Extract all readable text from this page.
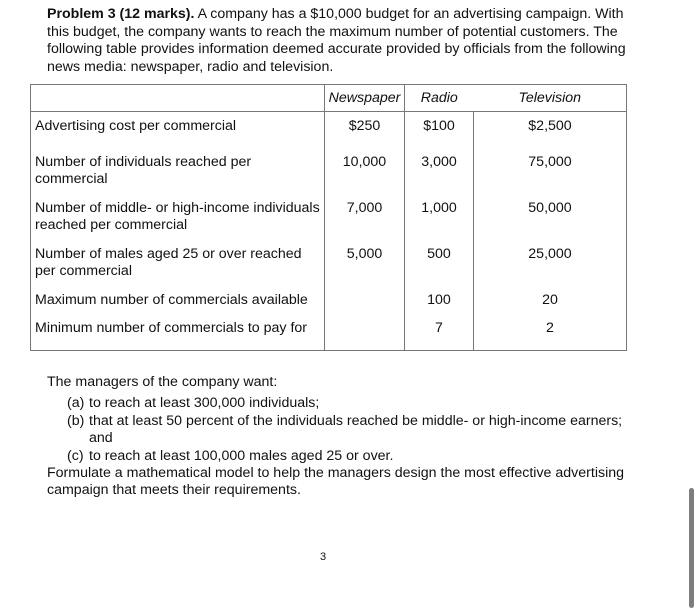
Problem 3 (12 marks). A company has a $10,000 budget for an advertising campaign. With this budget, the company wants to reach the maximum number of potential customers. The following table provides information deemed accurate provided by officials from the following news media: newspaper, radio and television.
	Newspaper	Radio	Television
Advertising cost per commercial	$250	$100	$2,500
Number of individuals reached per commercial	10,000	3,000	75,000
Number of middle- or high-income individuals reached per commercial	7,000	1,000	50,000
Number of males aged 25 or over reached per commercial	5,000	500	25,000
Maximum number of commercials available		100	20
Minimum number of commercials to pay for		7	2

The managers of the company want:

(a) to reach at least 300,000 individuals;
(b) that at least 50 percent of the individuals reached be middle- or high-income earners; and
(c) to reach at least 100,000 males aged 25 or over.

Formulate a mathematical model to help the managers design the most effective advertising campaign that meets their requirements.

3
